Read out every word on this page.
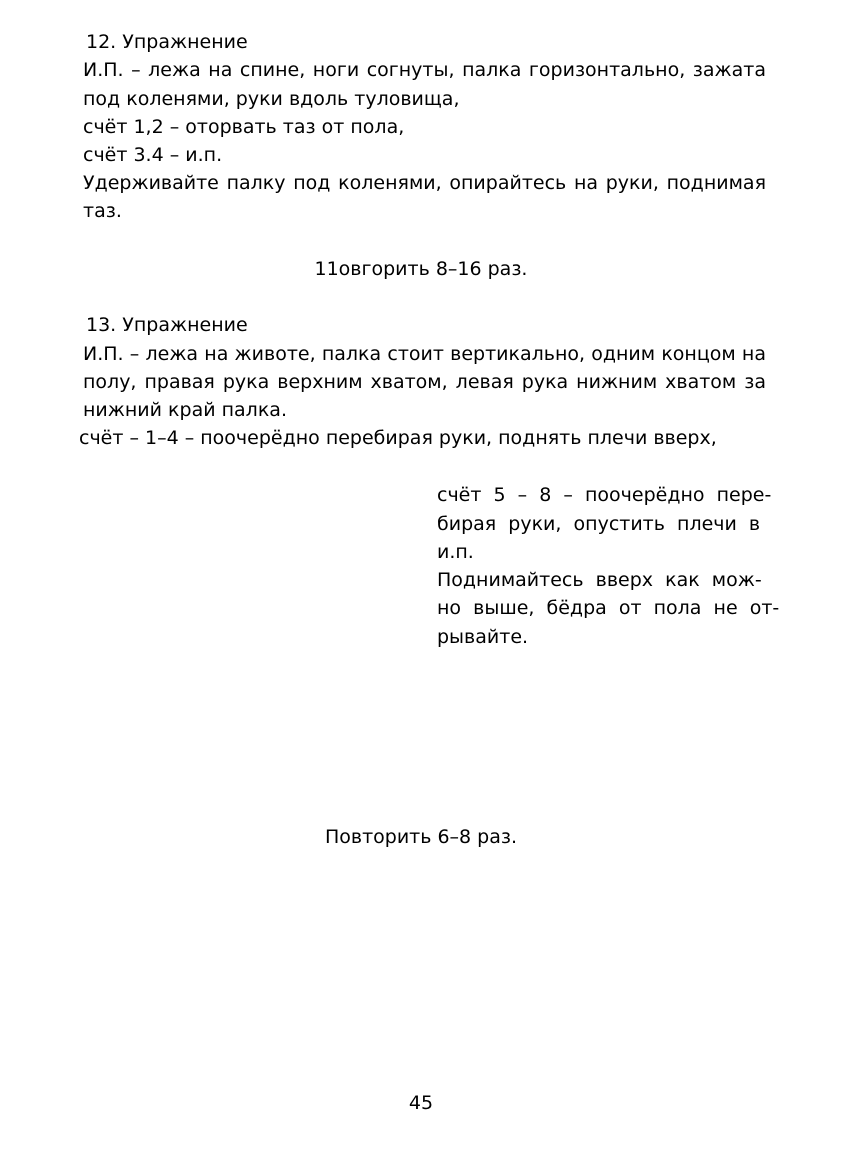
12. Упражнение
И.П. – лежа на спине, ноги согнуты, палка горизонтально, зажата
под коленями, руки вдоль туловища,
счёт 1,2 – оторвать таз от пола,
счёт 3.4 – и.п.
Удерживайте палку под коленями, опирайтесь на руки, поднимая
таз.
11овгорить 8–16 раз.
13. Упражнение
И.П. – лежа на животе, палка стоит вертикально, одним концом на
полу, правая рука верхним хватом, левая рука нижним хватом за
нижний край палка.
счёт – 1–4 – поочерёдно перебирая руки, поднять плечи вверх,
счёт  5  –  8  –  поочерёдно  пере-
бирая  руки,  опустить  плечи  в
и.п.
Поднимайтесь  вверх  как  мож-
но  выше,  бёдра  от  пола  не  от-
рывайте.
Повторить 6–8 раз.
45
